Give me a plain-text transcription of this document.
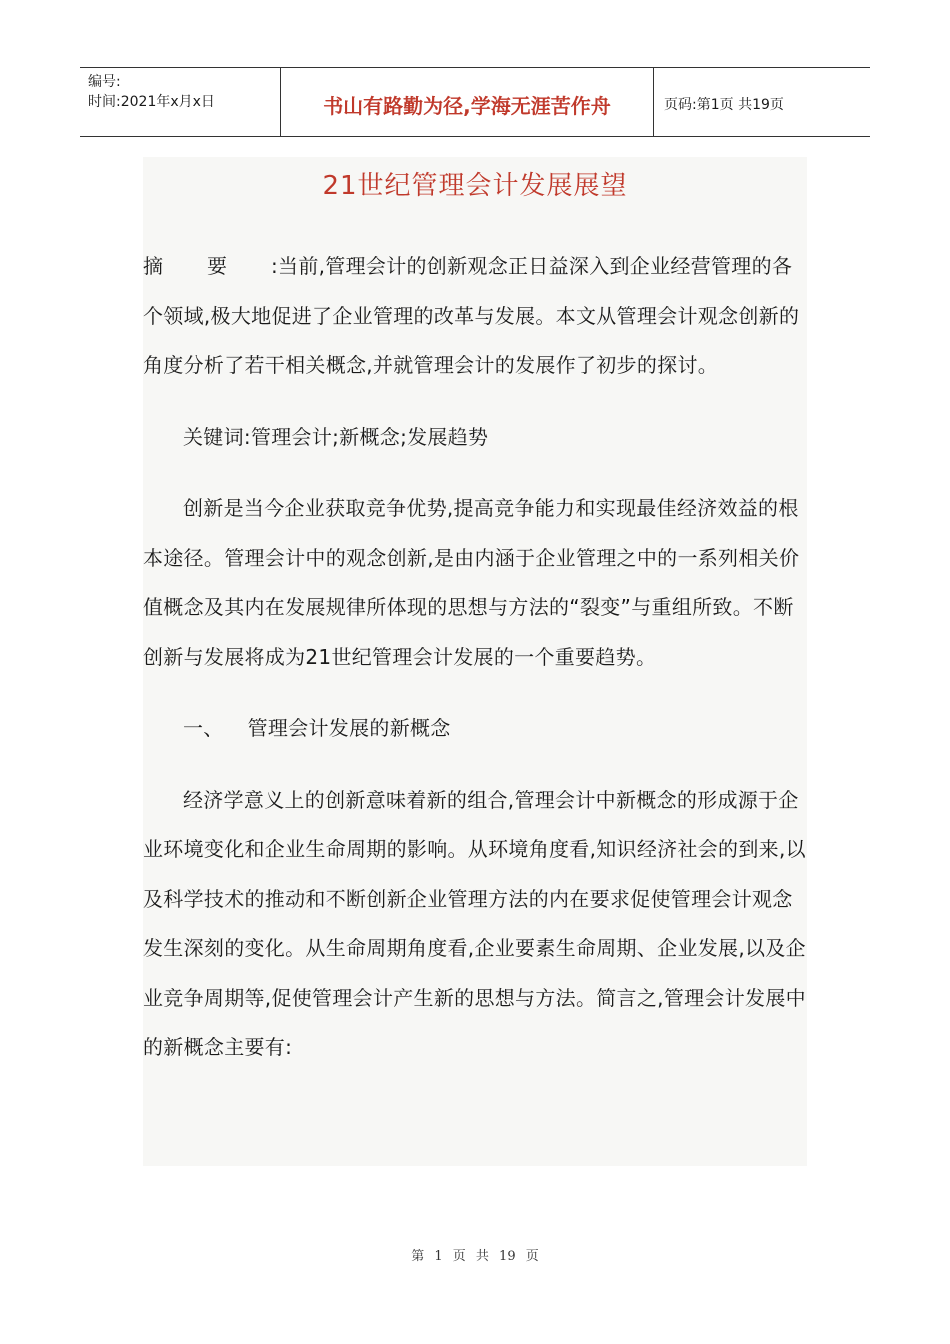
编号:
时间:2021年x月x日	书山有路勤为径,学海无涯苦作舟	页码:第1页 共19页
21世纪管理会计发展展望

摘要:当前,管理会计的创新观念正日益深入到企业经营管理的各个领域,极大地促进了企业管理的改革与发展。本文从管理会计观念创新的角度分析了若干相关概念,并就管理会计的发展作了初步的探讨。

关键词:管理会计;新概念;发展趋势

创新是当今企业获取竞争优势,提高竞争能力和实现最佳经济效益的根本途径。管理会计中的观念创新,是由内涵于企业管理之中的一系列相关价值概念及其内在发展规律所体现的思想与方法的“裂变”与重组所致。不断创新与发展将成为21世纪管理会计发展的一个重要趋势。

一、 管理会计发展的新概念

经济学意义上的创新意味着新的组合,管理会计中新概念的形成源于企业环境变化和企业生命周期的影响。从环境角度看,知识经济社会的到来,以及科学技术的推动和不断创新企业管理方法的内在要求促使管理会计观念发生深刻的变化。从生命周期角度看,企业要素生命周期、企业发展,以及企业竞争周期等,促使管理会计产生新的思想与方法。简言之,管理会计发展中的新概念主要有:

第 1 页 共 19 页
